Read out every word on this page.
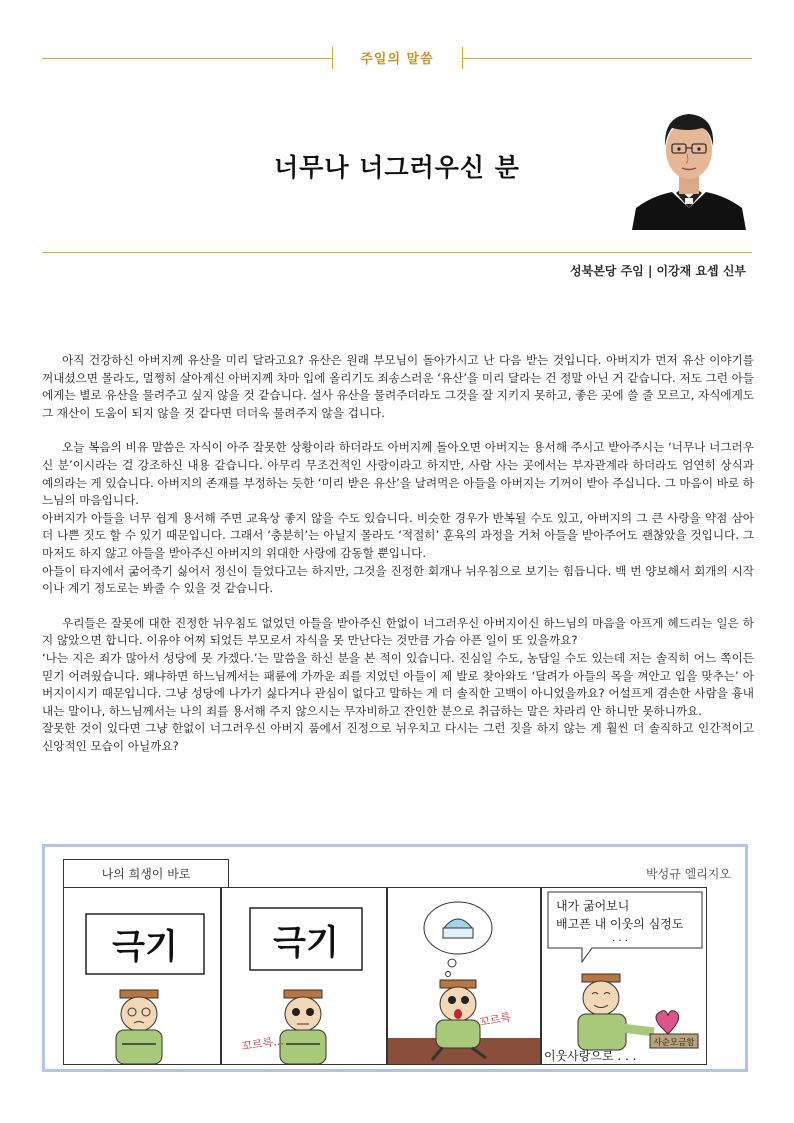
주일의 말씀
너무나 너그러우신 분
성북본당 주임 | 이강재 요셉 신부

아직 건강하신 아버지께 유산을 미리 달라고요? 유산은 원래 부모님이 돌아가시고 난 다음 받는 것입니다. 아버지가 먼저 유산 이야기를 꺼내셨으면 몰라도, 멀쩡히 살아계신 아버지께 차마 입에 올리기도 죄송스러운 ‘유산’을 미리 달라는 건 정말 아닌 거 같습니다. 저도 그런 아들에게는 별로 유산을 물려주고 싶지 않을 것 같습니다. 설사 유산을 물려주더라도 그것을 잘 지키지 못하고, 좋은 곳에 쓸 줄 모르고, 자식에게도 그 재산이 도움이 되지 않을 것 같다면 더더욱 물려주지 않을 겁니다.

오늘 복음의 비유 말씀은 자식이 아주 잘못한 상황이라 하더라도 아버지께 돌아오면 아버지는 용서해 주시고 받아주시는 ‘너무나 너그러우신 분’이시라는 걸 강조하신 내용 같습니다. 아무리 무조건적인 사랑이라고 하지만, 사람 사는 곳에서는 부자관계라 하더라도 엄연히 상식과 예의라는 게 있습니다. 아버지의 존재를 부정하는 듯한 ‘미리 받은 유산’을 날려먹은 아들을 아버지는 기꺼이 받아 주십니다. 그 마음이 바로 하느님의 마음입니다.

아버지가 아들을 너무 쉽게 용서해 주면 교육상 좋지 않을 수도 있습니다. 비슷한 경우가 반복될 수도 있고, 아버지의 그 큰 사랑을 약점 삼아 더 나쁜 짓도 할 수 있기 때문입니다. 그래서 ‘충분히’는 아닐지 몰라도 ‘적절히’ 훈육의 과정을 거쳐 아들을 받아주어도 괜찮았을 것입니다. 그마저도 하지 않고 아들을 받아주신 아버지의 위대한 사랑에 감동할 뿐입니다.

아들이 타지에서 굶어죽기 싫어서 정신이 들었다고는 하지만, 그것을 진정한 회개나 뉘우침으로 보기는 힘듭니다. 백 번 양보해서 회개의 시작이나 계기 정도로는 봐줄 수 있을 것 같습니다.

우리들은 잘못에 대한 진정한 뉘우침도 없었던 아들을 받아주신 한없이 너그러우신 아버지이신 하느님의 마음을 아프게 헤드리는 일은 하지 않았으면 합니다. 이유야 어찌 되었든 부모로서 자식을 못 만난다는 것만큼 가슴 아픈 일이 또 있을까요?

‘나는 지은 죄가 많아서 성당에 못 가겠다.’는 말씀을 하신 분을 본 적이 있습니다. 진심일 수도, 농담일 수도 있는데 저는 솔직히 어느 쪽이든 믿기 어려웠습니다. 왜냐하면 하느님께서는 패륜에 가까운 죄를 지었던 아들이 제 발로 찾아와도 ‘달려가 아들의 목을 껴안고 입을 맞추는’ 아버지이시기 때문입니다. 그냥 성당에 나가기 싫다거나 관심이 없다고 말하는 게 더 솔직한 고백이 아니었을까요? 어설프게 겸손한 사람을 흉내 내는 말이나, 하느님께서는 나의 죄를 용서해 주지 않으시는 무자비하고 잔인한 분으로 취급하는 말은 차라리 안 하니만 못하니까요.

잘못한 것이 있다면 그냥 한없이 너그러우신 아버지 품에서 진정으로 뉘우치고 다시는 그런 짓을 하지 않는 게 훨씬 더 솔직하고 인간적이고 신앙적인 모습이 아닐까요?

나의 희생이 바로	박성규 엘리지오
극기	극기
꼬르륵...
꼬르륵
내가 굶어보니
배고픈 내 이웃의 심정도
· · ·
사순모금함
이웃사랑으로 . . .
